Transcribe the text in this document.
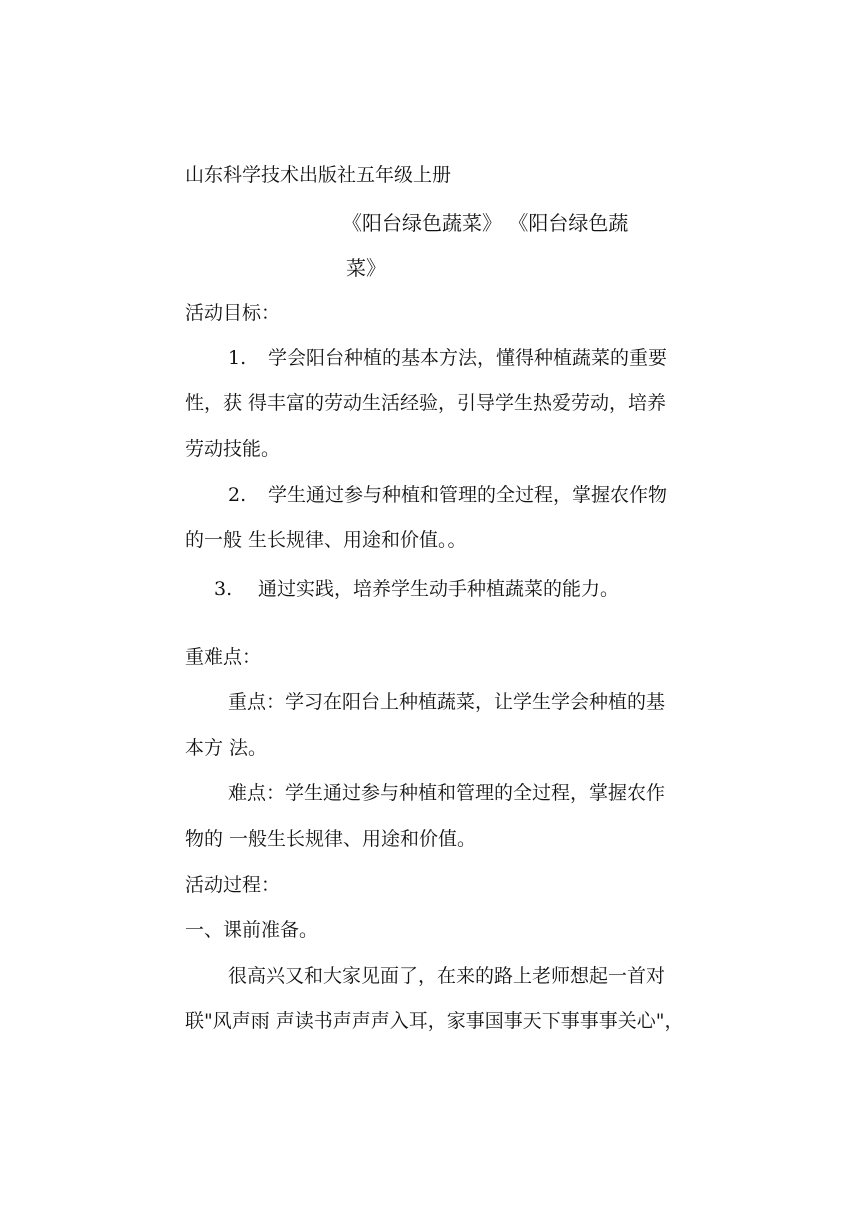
山东科学技术出版社五年级上册
《阳台绿色蔬菜》 《阳台绿色蔬
菜》
活动目标：
1. 学会阳台种植的基本方法，懂得种植蔬菜的重要
性，获 得丰富的劳动生活经验，引导学生热爱劳动，培养
劳动技能。
2. 学生通过参与种植和管理的全过程，掌握农作物
的一般 生长规律、用途和价值。。
3. 通过实践，培养学生动手种植蔬菜的能力。
重难点：
重点：学习在阳台上种植蔬菜，让学生学会种植的基
本方 法。
难点：学生通过参与种植和管理的全过程，掌握农作
物的 一般生长规律、用途和价值。
活动过程：
一、课前准备。
很高兴又和大家见面了，在来的路上老师想起一首对
联"风声雨 声读书声声声入耳，家事国事天下事事事关心"，
